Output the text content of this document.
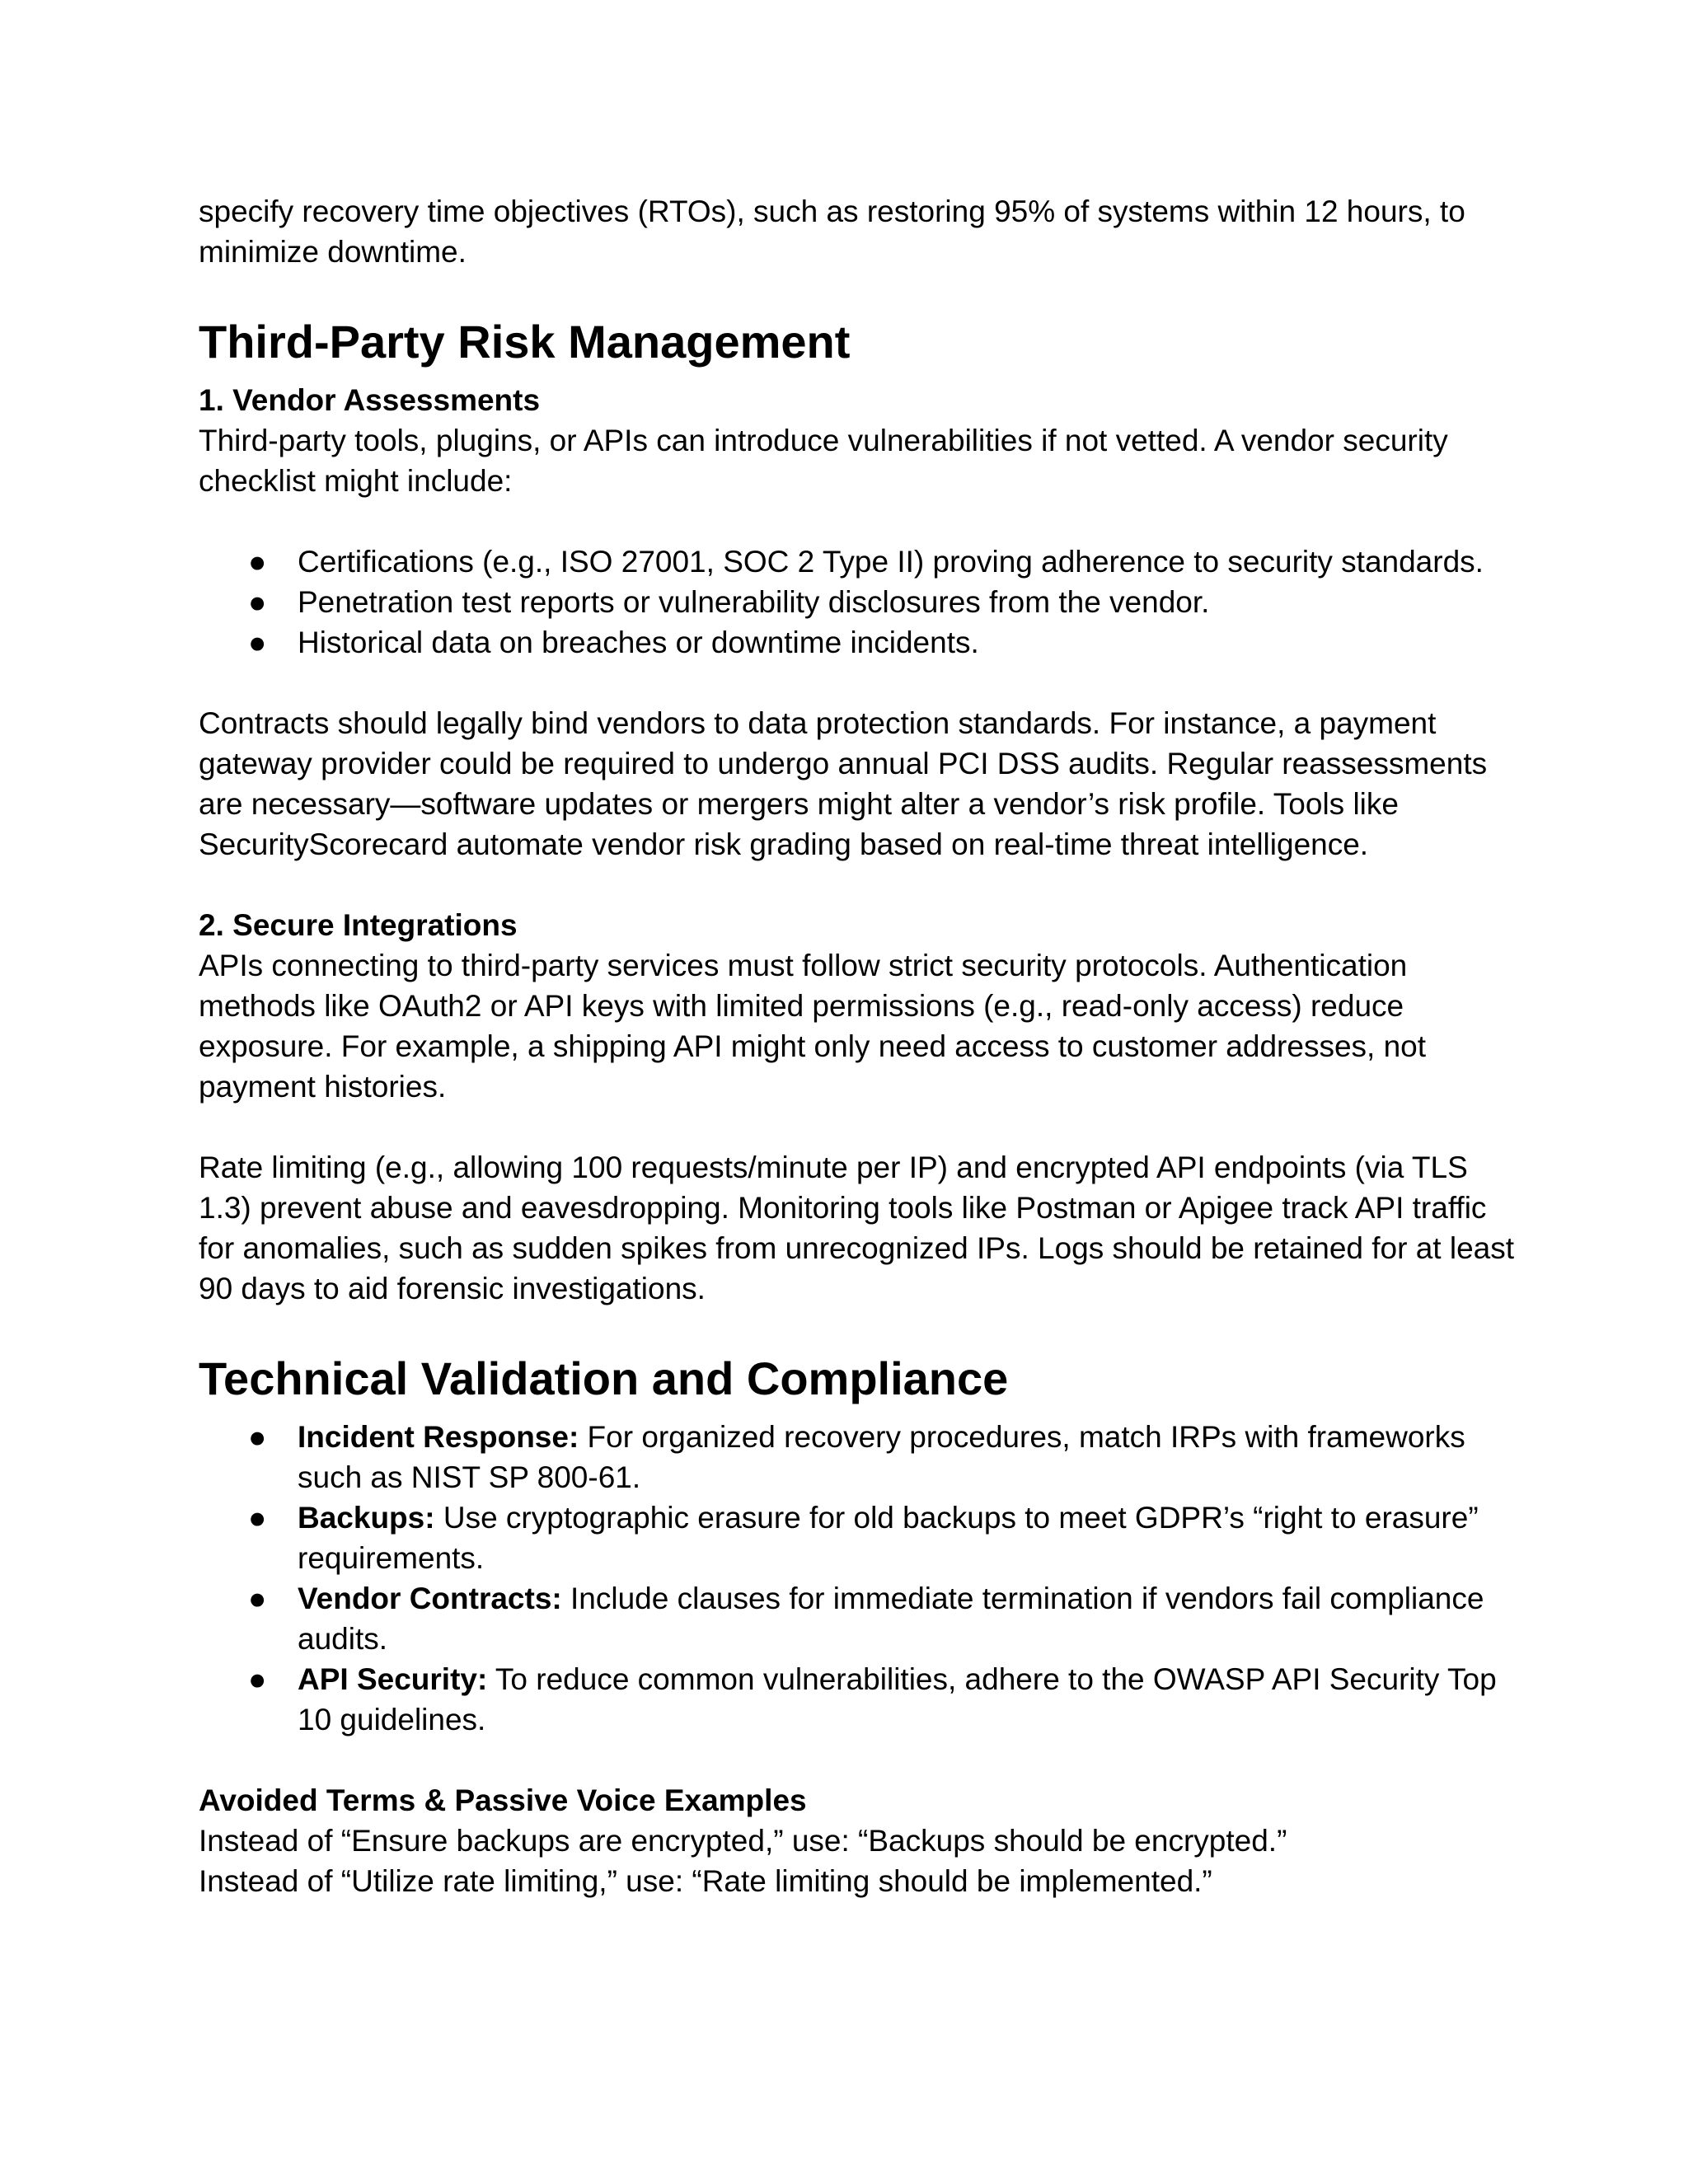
specify recovery time objectives (RTOs), such as restoring 95% of systems within 12 hours, to minimize downtime.

Third-Party Risk Management

1. Vendor Assessments

Third-party tools, plugins, or APIs can introduce vulnerabilities if not vetted. A vendor security checklist might include:

● Certifications (e.g., ISO 27001, SOC 2 Type II) proving adherence to security standards.
● Penetration test reports or vulnerability disclosures from the vendor.
● Historical data on breaches or downtime incidents.

Contracts should legally bind vendors to data protection standards. For instance, a payment gateway provider could be required to undergo annual PCI DSS audits. Regular reassessments are necessary—software updates or mergers might alter a vendor’s risk profile. Tools like SecurityScorecard automate vendor risk grading based on real-time threat intelligence.

2. Secure Integrations

APIs connecting to third-party services must follow strict security protocols. Authentication methods like OAuth2 or API keys with limited permissions (e.g., read-only access) reduce exposure. For example, a shipping API might only need access to customer addresses, not payment histories.

Rate limiting (e.g., allowing 100 requests/minute per IP) and encrypted API endpoints (via TLS 1.3) prevent abuse and eavesdropping. Monitoring tools like Postman or Apigee track API traffic for anomalies, such as sudden spikes from unrecognized IPs. Logs should be retained for at least 90 days to aid forensic investigations.

Technical Validation and Compliance
● Incident Response: For organized recovery procedures, match IRPs with frameworks such as NIST SP 800-61.
● Backups: Use cryptographic erasure for old backups to meet GDPR’s “right to erasure” requirements.
● Vendor Contracts: Include clauses for immediate termination if vendors fail compliance audits.
● API Security: To reduce common vulnerabilities, adhere to the OWASP API Security Top 10 guidelines.

Avoided Terms & Passive Voice Examples

Instead of “Ensure backups are encrypted,” use: “Backups should be encrypted.”

Instead of “Utilize rate limiting,” use: “Rate limiting should be implemented.”
